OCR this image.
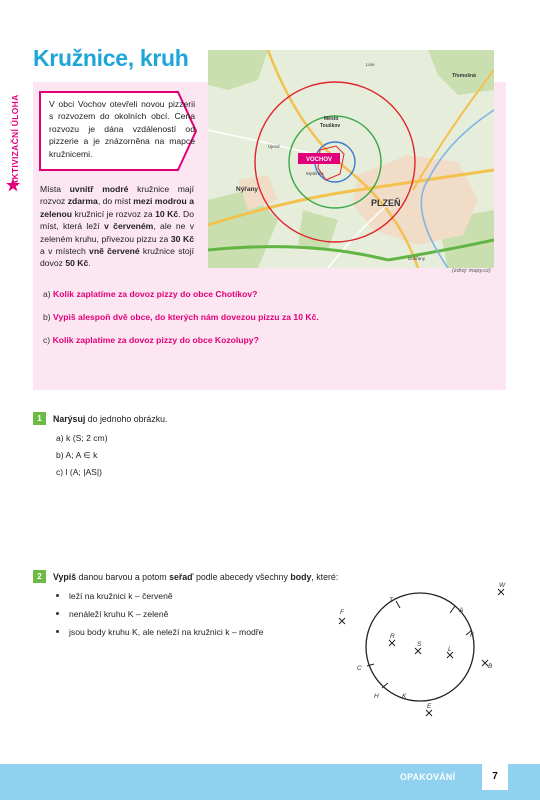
Kružnice, kruh
AKTIVIZAČNÍ ÚLOHA	V obci Vochov otevřeli novou pizzerii s rozvozem do okolních obcí. Cena rozvozu je dána vzdáleností od pizzerie a je znázorněna na mapce kružnicemi.
Místa uvnitř modré kružnice mají rozvoz zdarma, do míst mezi modrou a zelenou kružnicí je rozvoz za 10 Kč. Do míst, která leží v červeném, ale ne v zeleném kruhu, přivezou pizzu za 30 Kč a v místech vně červené kružnice stojí dovoz 50 Kč.
VOCHOV
PLZEŇ
Nýřany
Město
Touškov
Třemošná
Line
Myslinka
Újezd
Dobřany
(zdroj: mapy.cz)
a) Kolik zaplatíme za dovoz pizzy do obce Chotíkov?
b) Vypiš alespoň dvě obce, do kterých nám dovezou pizzu za 10 Kč.
c) Kolik zaplatíme za dovoz pizzy do obce Kozolupy?
1	Narýsuj do jednoho obrázku.
a) k (S; 2 cm)
b) A; A ∈ k
c) l (A; |AS|)
2	Vypiš danou barvou a potom seřaď podle abecedy všechny body, které:
leží na kružnici k – červeně
nenáleží kruhu K – zeleně
jsou body kruhu K, ale neleží na kružnici k – modře
W
T
A
F
K
R
S
L
C	B
H	K
E
OPAKOVÁNÍ	7
